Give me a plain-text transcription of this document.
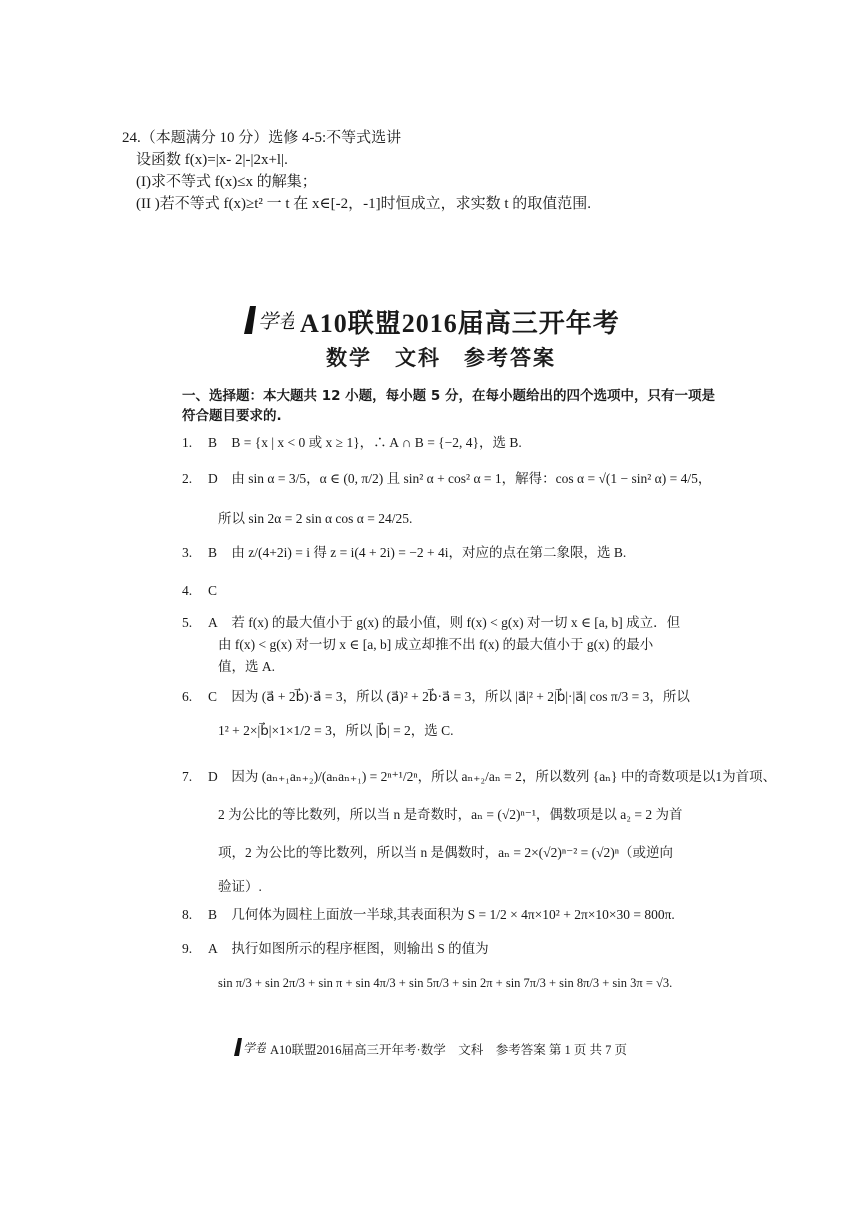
24.（本题满分 10 分）选修 4-5:不等式选讲
设函数 f(x)=|x- 2|-|2x+l|.
(I)求不等式 f(x)≤x 的解集；
(II )若不等式 f(x)≥t² 一 t 在 x∈[-2，-1]时恒成立，求实数 t 的取值范围.
学卷 A10联盟2016届高三开年考
数学　文科　参考答案
一、选择题：本大题共 12 小题，每小题 5 分，在每小题给出的四个选项中，只有一项是
符合题目要求的.
1. B B = {x | x < 0 或 x ≥ 1}，∴ A ∩ B = {−2, 4}，选 B.
2. D 由 sin α = 3/5，α ∈ (0, π/2) 且 sin² α + cos² α = 1，解得：cos α = √(1 − sin² α) = 4/5，
所以 sin 2α = 2 sin α cos α = 24/25.
3. B 由 z/(4+2i) = i 得 z = i(4 + 2i) = −2 + 4i，对应的点在第二象限，选 B.
4. C
5. A 若 f(x) 的最大值小于 g(x) 的最小值，则 f(x) < g(x) 对一切 x ∈ [a, b] 成立．但
由 f(x) < g(x) 对一切 x ∈ [a, b] 成立却推不出 f(x) 的最大值小于 g(x) 的最小
值，选 A.
6. C 因为 (a⃗ + 2b⃗)·a⃗ = 3，所以 (a⃗)² + 2b⃗·a⃗ = 3，所以 |a⃗|² + 2|b⃗|·|a⃗| cos π/3 = 3，所以
1² + 2×|b⃗|×1×1/2 = 3，所以 |b⃗| = 2，选 C.
7. D 因为 (aₙ₊₁aₙ₊₂)/(aₙaₙ₊₁) = 2ⁿ⁺¹/2ⁿ，所以 aₙ₊₂/aₙ = 2，所以数列 {aₙ} 中的奇数项是以1为首项、
2 为公比的等比数列，所以当 n 是奇数时，aₙ = (√2)ⁿ⁻¹，偶数项是以 a₂ = 2 为首
项，2 为公比的等比数列，所以当 n 是偶数时，aₙ = 2×(√2)ⁿ⁻² = (√2)ⁿ（或逆向
验证）.
8. B 几何体为圆柱上面放一半球,其表面积为 S = 1/2 × 4π×10² + 2π×10×30 = 800π.
9. A 执行如图所示的程序框图，则输出 S 的值为
sin π/3 + sin 2π/3 + sin π + sin 4π/3 + sin 5π/3 + sin 2π + sin 7π/3 + sin 8π/3 + sin 3π = √3.
学卷 A10联盟2016届高三开年考·数学　文科　参考答案 第 1 页 共 7 页
